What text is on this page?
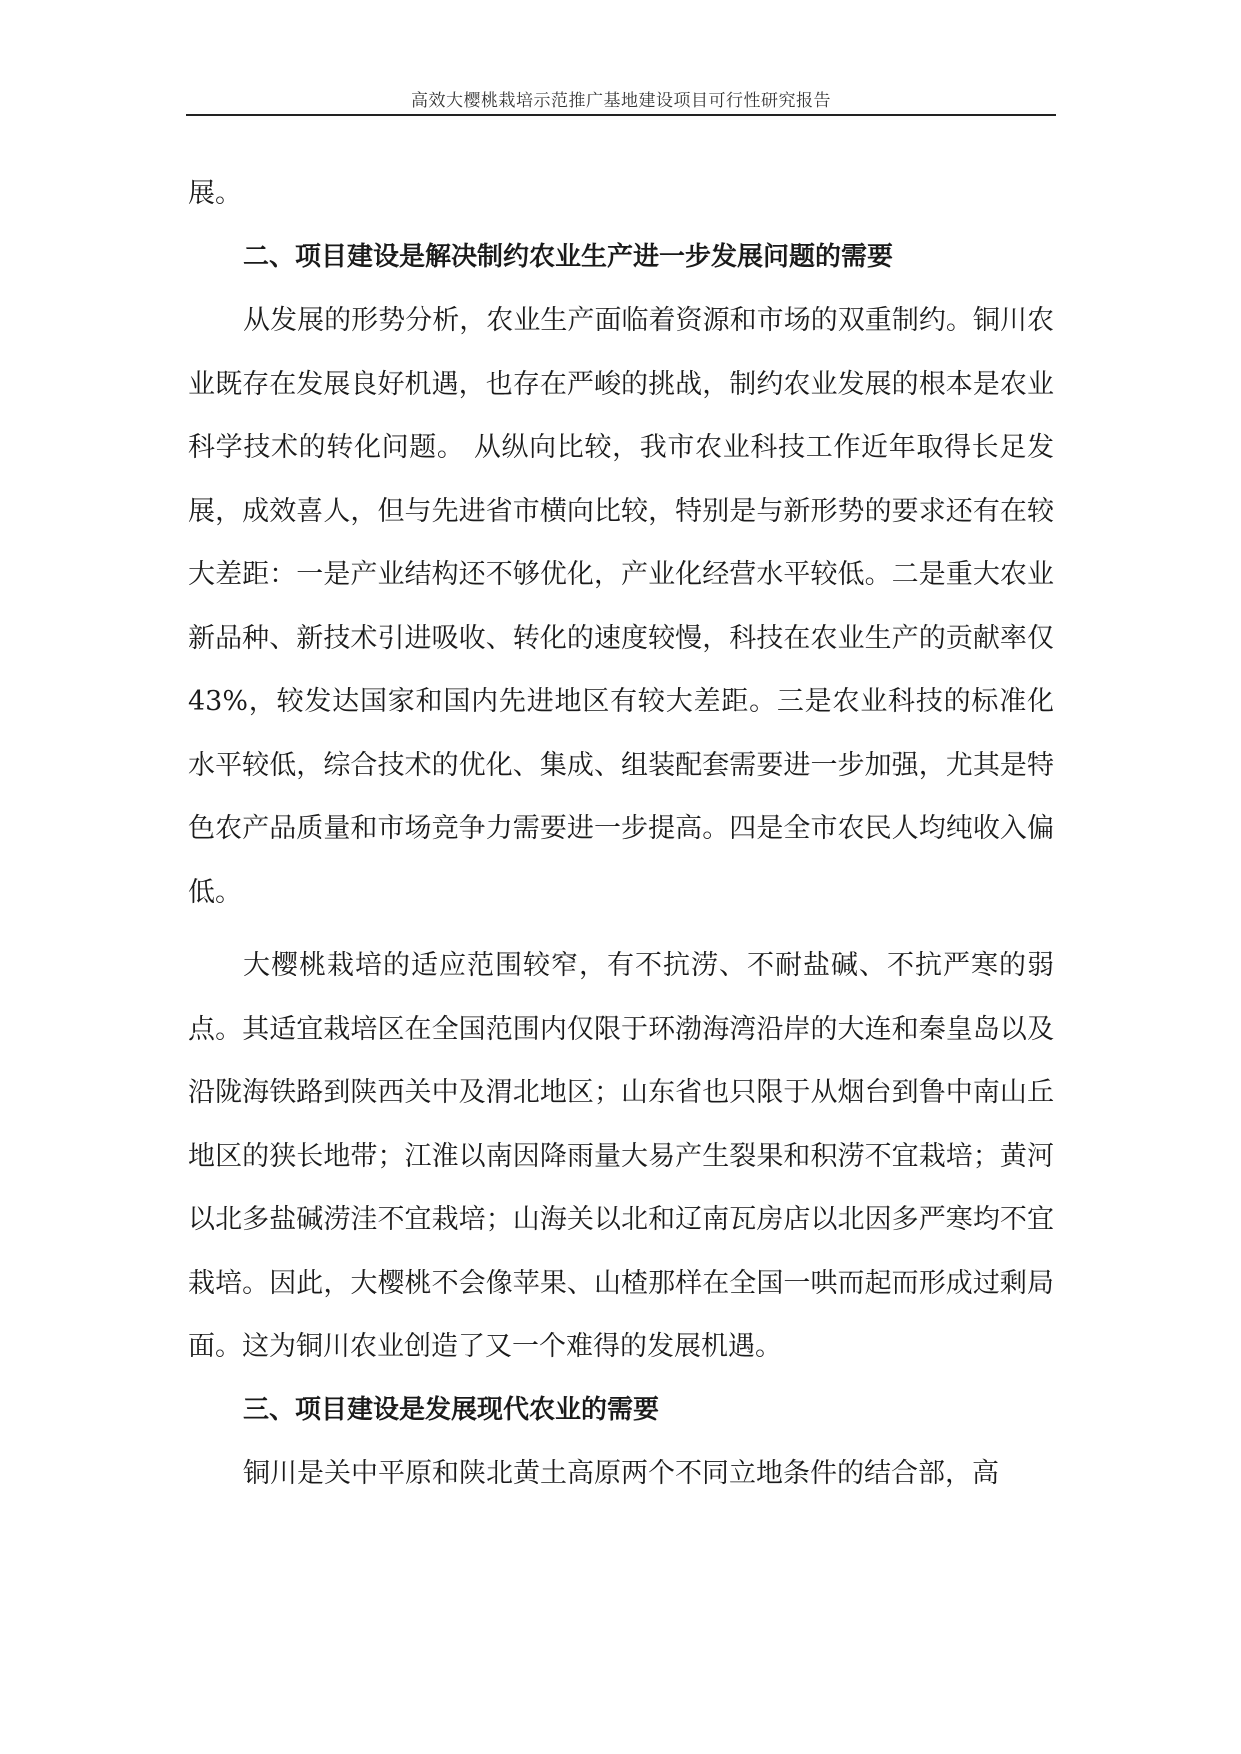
高效大樱桃栽培示范推广基地建设项目可行性研究报告

展。

二、项目建设是解决制约农业生产进一步发展问题的需要

从发展的形势分析，农业生产面临着资源和市场的双重制约。铜川农业既存在发展良好机遇，也存在严峻的挑战，制约农业发展的根本是农业科学技术的转化问题。 从纵向比较，我市农业科技工作近年取得长足发展，成效喜人，但与先进省市横向比较，特别是与新形势的要求还有在较大差距：一是产业结构还不够优化，产业化经营水平较低。二是重大农业新品种、新技术引进吸收、转化的速度较慢，科技在农业生产的贡献率仅 43%，较发达国家和国内先进地区有较大差距。三是农业科技的标准化水平较低，综合技术的优化、集成、组装配套需要进一步加强，尤其是特色农产品质量和市场竞争力需要进一步提高。四是全市农民人均纯收入偏低。

大樱桃栽培的适应范围较窄，有不抗涝、不耐盐碱、不抗严寒的弱点。其适宜栽培区在全国范围内仅限于环渤海湾沿岸的大连和秦皇岛以及沿陇海铁路到陕西关中及渭北地区；山东省也只限于从烟台到鲁中南山丘地区的狭长地带；江淮以南因降雨量大易产生裂果和积涝不宜栽培；黄河以北多盐碱涝洼不宜栽培；山海关以北和辽南瓦房店以北因多严寒均不宜栽培。因此，大樱桃不会像苹果、山楂那样在全国一哄而起而形成过剩局面。这为铜川农业创造了又一个难得的发展机遇。

三、项目建设是发展现代农业的需要

铜川是关中平原和陕北黄土高原两个不同立地条件的结合部，高
